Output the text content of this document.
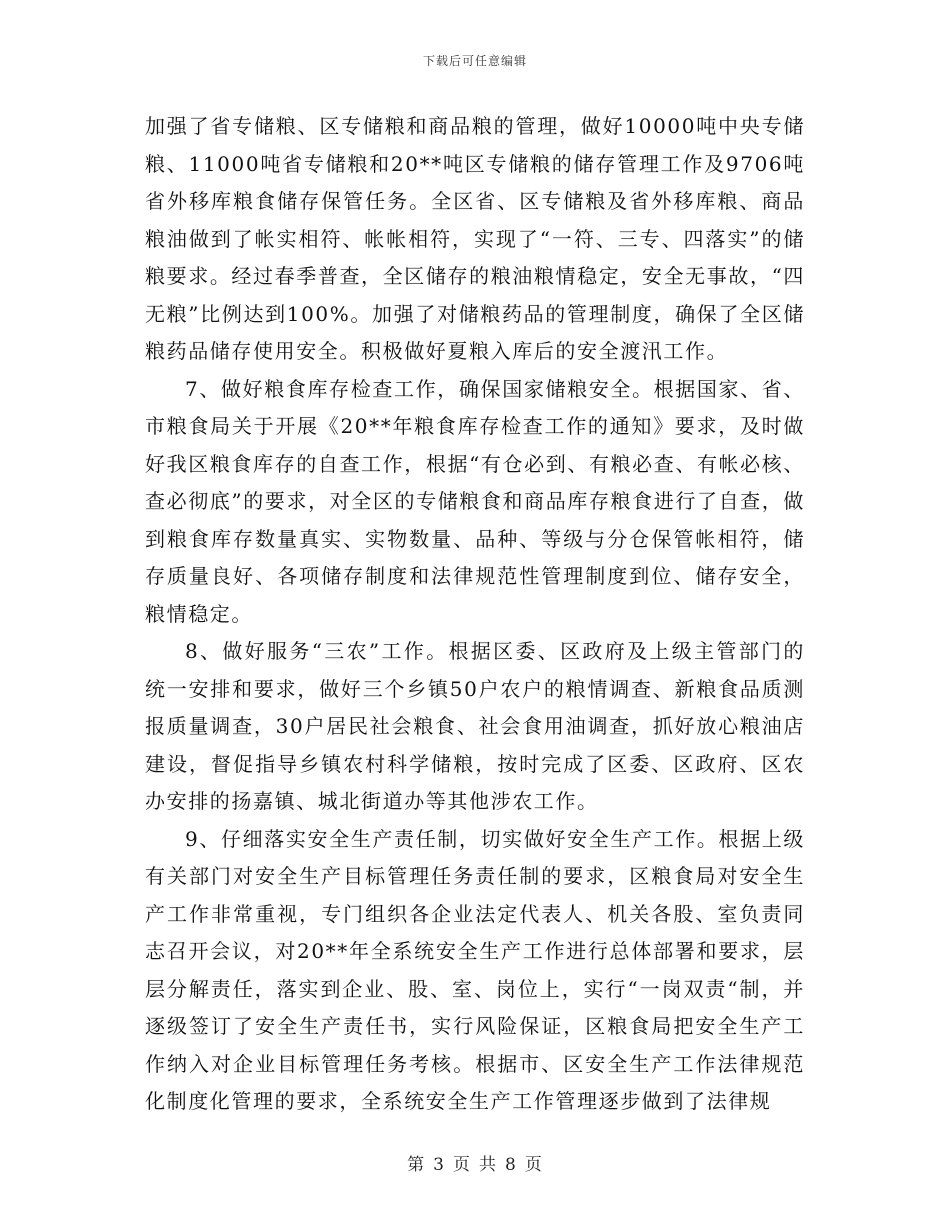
下载后可任意编辑

加强了省专储粮、区专储粮和商品粮的管理，做好10000吨中央专储粮、11000吨省专储粮和20**吨区专储粮的储存管理工作及9706吨省外移库粮食储存保管任务。全区省、区专储粮及省外移库粮、商品粮油做到了帐实相符、帐帐相符，实现了“一符、三专、四落实”的储粮要求。经过春季普查，全区储存的粮油粮情稳定，安全无事故，“四无粮”比例达到100%。加强了对储粮药品的管理制度，确保了全区储粮药品储存使用安全。积极做好夏粮入库后的安全渡汛工作。

7、做好粮食库存检查工作，确保国家储粮安全。根据国家、省、市粮食局关于开展《20**年粮食库存检查工作的通知》要求，及时做好我区粮食库存的自查工作，根据“有仓必到、有粮必查、有帐必核、查必彻底”的要求，对全区的专储粮食和商品库存粮食进行了自查，做到粮食库存数量真实、实物数量、品种、等级与分仓保管帐相符，储存质量良好、各项储存制度和法律规范性管理制度到位、储存安全，粮情稳定。

8、做好服务“三农”工作。根据区委、区政府及上级主管部门的统一安排和要求，做好三个乡镇50户农户的粮情调查、新粮食品质测报质量调查，30户居民社会粮食、社会食用油调查，抓好放心粮油店建设，督促指导乡镇农村科学储粮，按时完成了区委、区政府、区农办安排的扬嘉镇、城北街道办等其他涉农工作。

9、仔细落实安全生产责任制，切实做好安全生产工作。根据上级有关部门对安全生产目标管理任务责任制的要求，区粮食局对安全生产工作非常重视，专门组织各企业法定代表人、机关各股、室负责同志召开会议，对20**年全系统安全生产工作进行总体部署和要求，层层分解责任，落实到企业、股、室、岗位上，实行“一岗双责“制，并逐级签订了安全生产责任书，实行风险保证，区粮食局把安全生产工作纳入对企业目标管理任务考核。根据市、区安全生产工作法律规范化制度化管理的要求，全系统安全生产工作管理逐步做到了法律规

第 3 页 共 8 页
